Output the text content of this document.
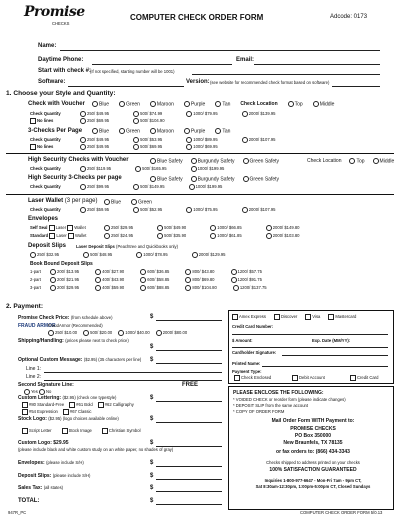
Promise
CHECKS
COMPUTER CHECK ORDER FORM	Adcode: 0173
Name:
Daytime Phone:	Email:
Start with check #:
(If not specified, starting number will be 1001)
Software:	Version: (see website for recommended check format based on software)
1. Choose your Style and Quantity:
Check with Voucher	Blue	Green	Maroon	Purple	Tan Check Location	Top	Middle
Check Quantity	250/ $49.95	500/ $74.99	1000/ $79.95	2000/ $139.95
No lines	250/ $69.95	500/ $104.90
3-Checks Per Page	Blue	Green	Maroon	Purple	Tan
Check Quantity	250/ $49.95	500/ $53.95	1000/ $89.95	2000/ $107.95
No lines	250/ $49.95	500/ $69.95	1000/ $69.95
High Security Checks with Voucher	Blue Safety	Burgundy Safety	Green Safety	Check Location	Top	Middle
Check Quantity	250/ $119.95	500/ $165.95	1000/ $199.95
High Security 3-Checks per page	Blue Safety	Burgundy Safety	Green Safety
Check Quantity	250/ $99.95	500/ $149.95	1000/ $199.95
Laser Wallet (3 per page)	Blue	Green
Check Quantity	250/ $59.95	500/ $52.95	1000/ $75.95	2000/ $107.95
Envelopes
Self Seal Laser Wallet	250/ $29.95	500/ $49.90	1000/ $66.85	2000/ $149.80
Standard Laser Wallet	250/ $24.95	500/ $35.90	1000/ $61.85	2000/ $103.80
Deposit Slips Laser Deposit Slips (Peachtree and Quickbooks only)
250/ $32.95	500/ $48.95	1000/ $78.95	2000/ $129.95
Book Bound Deposit Slips
1-part	200/ $13.95	400/ $27.90	600/ $36.85	800/ $43.80	1200/ $57.75
2-part	200/ $21.95	400/ $43.90	600/ $58.85	800/ $69.80	1200/ $91.75
3-part	200/ $29.95	400/ $59.90	600/ $88.85	800/ $104.80	1200/ $137.75
2. Payment:
Promise Check Price: (from schedule above)	$
FRAUD ARMOR
FraudArmor (Recommended)
250/ $10.00	500/ $20.00	1000/ $40.00	2000/ $80.00
Shipping/Handling: (prices please next to check price)
$
Optional Custom Message: ($2.95) (35 characters per line) $
Line 1:
Line 2:
Second Signature Line:	FREE
Yes No
Custom Lettering: ($2.95) (check one typestyle)	$
#80 Standard-Free	#61 Bold	#62 Calligraphy
#54 Expression	#67 Classic
Stock Logo: ($2.95) (logo choices available online)	$
Script Letter	Stock Image	Christian Symbol
Custom Logo: $29.95	$
(please include black and white custom study on an white paper, no shades of gray)
Envelopes: (please include S/H)	$
Deposit Slips: (please include S/H)	$
Sales Tax: (all states)	$
TOTAL:	$
Amex Express	Discover	Visa	Mastercard
Credit Card Number:
$ Amount:	Exp. Date (MM/YY):
Cardholder Signature:
Printed Name:
Payment Type:
Check Enclosed	Debit Account	Credit Card
PLEASE ENCLOSE THE FOLLOWING:
* VOIDED CHECK or reorder form (please indicate changes)
* DEPOSIT SLIP from the same account
* COPY OF ORDER FORM
Mail Order Form WITH Payment to:
PROMISE CHECKS
PO Box 350000
New Braunfels, TX 78135
or fax orders to: (866) 434-3343
Checks shipped to address printed on your checks
100% SATISFACTION GUARANTEED
Inquiries 1-800-977-6647 - Mon-Fri 7am - 9pm CT,
Sat 8:30am-12:30pm, 1:00pm-5:00pm CT, Closed Sundays
947R_PC	COMPUTER CHECK ORDER FORM 5/0.13
